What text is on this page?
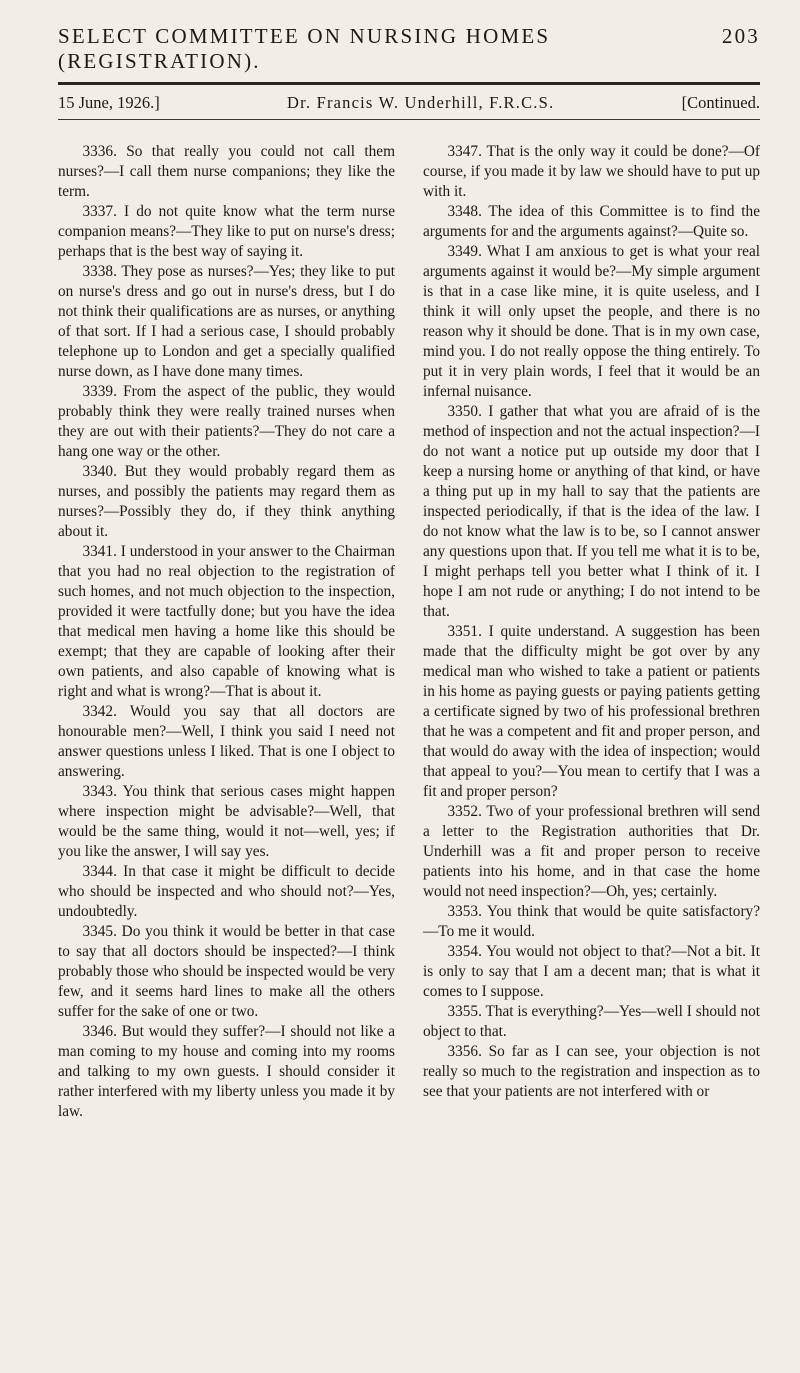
SELECT COMMITTEE ON NURSING HOMES (REGISTRATION).
203
15 June, 1926.]	Dr. Francis W. Underhill, F.R.C.S.	[Continued.

3336. So that really you could not call them nurses?—I call them nurse companions; they like the term.

3337. I do not quite know what the term nurse companion means?—They like to put on nurse's dress; perhaps that is the best way of saying it.

3338. They pose as nurses?—Yes; they like to put on nurse's dress and go out in nurse's dress, but I do not think their qualifications are as nurses, or anything of that sort. If I had a serious case, I should probably telephone up to London and get a specially qualified nurse down, as I have done many times.

3339. From the aspect of the public, they would probably think they were really trained nurses when they are out with their patients?—They do not care a hang one way or the other.

3340. But they would probably regard them as nurses, and possibly the patients may regard them as nurses?—Possibly they do, if they think anything about it.

3341. I understood in your answer to the Chairman that you had no real objection to the registration of such homes, and not much objection to the inspection, provided it were tactfully done; but you have the idea that medical men having a home like this should be exempt; that they are capable of looking after their own patients, and also capable of knowing what is right and what is wrong?—That is about it.

3342. Would you say that all doctors are honourable men?—Well, I think you said I need not answer questions unless I liked. That is one I object to answering.

3343. You think that serious cases might happen where inspection might be advisable?—Well, that would be the same thing, would it not—well, yes; if you like the answer, I will say yes.

3344. In that case it might be difficult to decide who should be inspected and who should not?—Yes, undoubtedly.

3345. Do you think it would be better in that case to say that all doctors should be inspected?—I think probably those who should be inspected would be very few, and it seems hard lines to make all the others suffer for the sake of one or two.

3346. But would they suffer?—I should not like a man coming to my house and coming into my rooms and talking to my own guests. I should consider it rather interfered with my liberty unless you made it by law.

3347. That is the only way it could be done?—Of course, if you made it by law we should have to put up with it.

3348. The idea of this Committee is to find the arguments for and the arguments against?—Quite so.

3349. What I am anxious to get is what your real arguments against it would be?—My simple argument is that in a case like mine, it is quite useless, and I think it will only upset the people, and there is no reason why it should be done. That is in my own case, mind you. I do not really oppose the thing entirely. To put it in very plain words, I feel that it would be an infernal nuisance.

3350. I gather that what you are afraid of is the method of inspection and not the actual inspection?—I do not want a notice put up outside my door that I keep a nursing home or anything of that kind, or have a thing put up in my hall to say that the patients are inspected periodically, if that is the idea of the law. I do not know what the law is to be, so I cannot answer any questions upon that. If you tell me what it is to be, I might perhaps tell you better what I think of it. I hope I am not rude or anything; I do not intend to be that.

3351. I quite understand. A suggestion has been made that the difficulty might be got over by any medical man who wished to take a patient or patients in his home as paying guests or paying patients getting a certificate signed by two of his professional brethren that he was a competent and fit and proper person, and that would do away with the idea of inspection; would that appeal to you?—You mean to certify that I was a fit and proper person?

3352. Two of your professional brethren will send a letter to the Registration authorities that Dr. Underhill was a fit and proper person to receive patients into his home, and in that case the home would not need inspection?—Oh, yes; certainly.

3353. You think that would be quite satisfactory?—To me it would.

3354. You would not object to that?—Not a bit. It is only to say that I am a decent man; that is what it comes to I suppose.

3355. That is everything?—Yes—well I should not object to that.

3356. So far as I can see, your objection is not really so much to the registration and inspection as to see that your patients are not interfered with or
